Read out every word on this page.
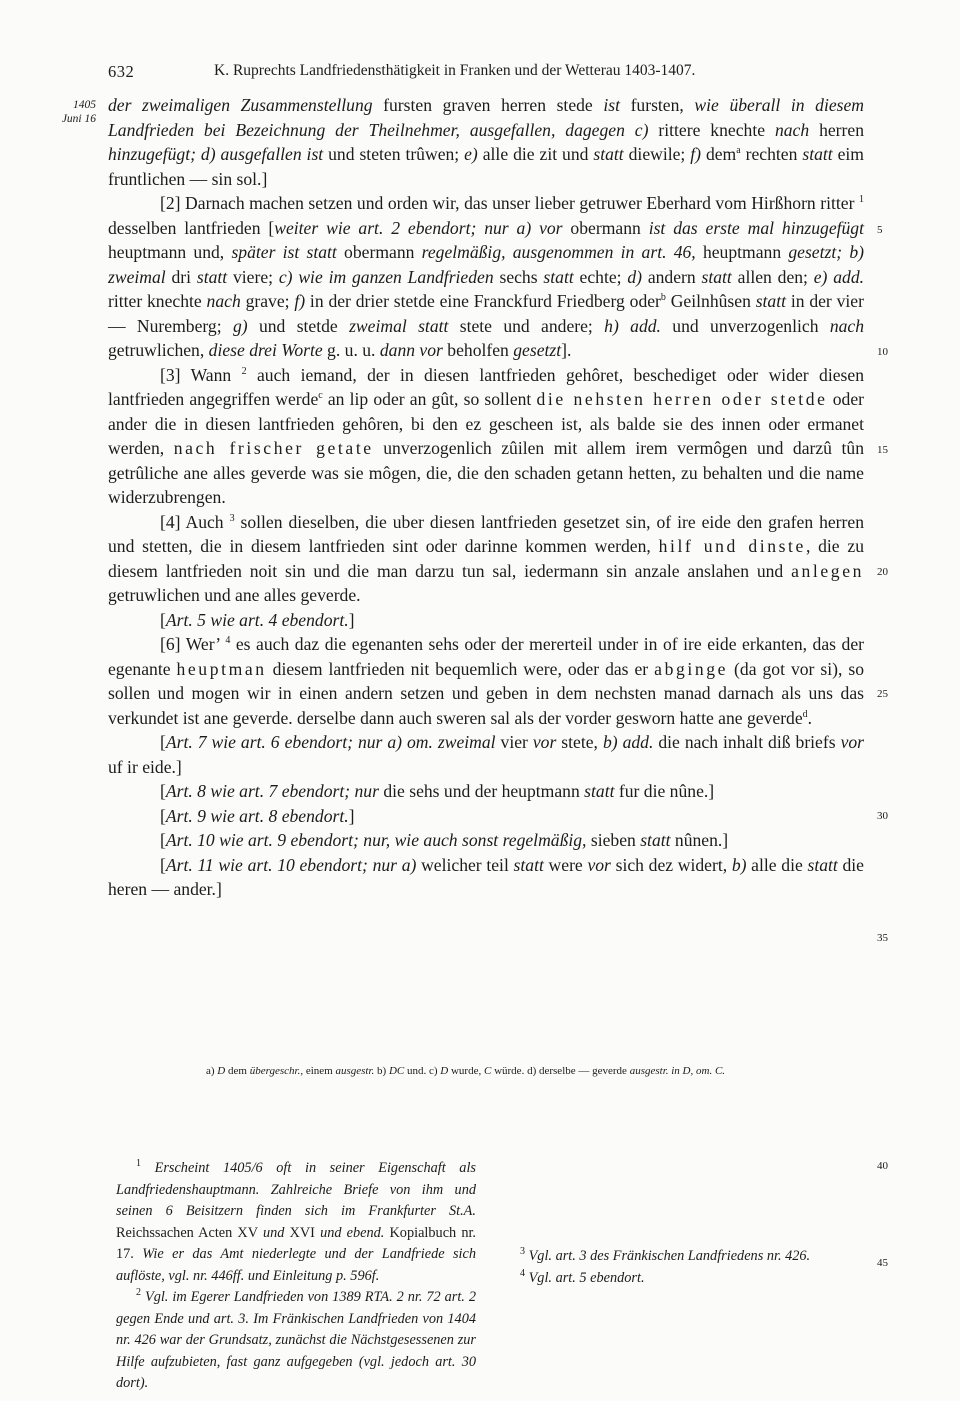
632	K. Ruprechts Landfriedensthätigkeit in Franken und der Wetterau 1403-1407.
1405
Juni 16

der zweimaligen Zusammenstellung fursten graven herren stede ist fursten, wie überall in diesem Landfrieden bei Bezeichnung der Theilnehmer, ausgefallen, dagegen c) rittere knechte nach herren hinzugefügt; d) ausgefallen ist und steten trûwen; e) alle die zit und statt diewile; f) dem$^a$ rechten statt eim fruntlichen — sin sol.]

[2] Darnach machen setzen und orden wir, das unser lieber getruwer Eberhard vom Hirßhorn ritter $^1$ desselben lantfrieden [weiter wie art. 2 ebendort; nur a) vor obermann ist das erste mal hinzugefügt heuptmann und, später ist statt obermann regelmäßig, ausgenommen in art. 46, heuptmann gesetzt; b) zweimal dri statt viere; c) wie im ganzen Landfrieden sechs statt echte; d) andern statt allen den; e) add. ritter knechte nach grave; f) in der drier stetde eine Franckfurd Friedberg oder$^b$ Geilnhûsen statt in der vier — Nuremberg; g) und stetde zweimal statt stete und andere; h) add. und unverzogenlich nach getruwlichen, diese drei Worte g. u. u. dann vor beholfen gesetzt].

[3] Wann $^2$ auch iemand, der in diesen lantfrieden gehôret, beschediget oder wider diesen lantfrieden angegriffen werde$^c$ an lip oder an gût, so sollent die nehsten herren oder stetde oder ander die in diesen lantfrieden gehôren, bi den ez gescheen ist, als balde sie des innen oder ermanet werden, nach frischer getate unverzogenlich zûilen mit allem irem vermôgen und darzû tûn getrûliche ane alles geverde was sie môgen, die, die den schaden getann hetten, zu behalten und die name widerzubrengen.

[4] Auch $^3$ sollen dieselben, die uber diesen lantfrieden gesetzet sin, of ire eide den grafen herren und stetten, die in diesem lantfrieden sint oder darinne kommen werden, hilf und dinste, die zu diesem lantfrieden noit sin und die man darzu tun sal, iedermann sin anzale anslahen und anlegen getruwlichen und ane alles geverde.

[Art. 5 wie art. 4 ebendort.]

[6] Wer’ $^4$ es auch daz die egenanten sehs oder der mererteil under in of ire eide erkanten, das der egenante heuptman diesem lantfrieden nit bequemlich were, oder das er abginge (da got vor si), so sollen und mogen wir in einen andern setzen und geben in dem nechsten manad darnach als uns das verkundet ist ane geverde. derselbe dann auch sweren sal als der vorder gesworn hatte ane geverde$^d$.

[Art. 7 wie art. 6 ebendort; nur a) om. zweimal vier vor stete, b) add. die nach inhalt diß briefs vor uf ir eide.]

[Art. 8 wie art. 7 ebendort; nur die sehs und der heuptmann statt fur die nûne.]

[Art. 9 wie art. 8 ebendort.]

[Art. 10 wie art. 9 ebendort; nur, wie auch sonst regelmäßig, sieben statt nûnen.]

[Art. 11 wie art. 10 ebendort; nur a) welicher teil statt were vor sich dez widert, b) alle die statt die heren — ander.]

5
10
15
20
25
30
35
40
45
a) D dem übergeschr., einem ausgestr. b) DC und. c) D wurde, C würde. d) derselbe — geverde ausgestr. in D, om. C.

$^1$ Erscheint 1405/6 oft in seiner Eigenschaft als Landfriedenshauptmann. Zahlreiche Briefe von ihm und seinen 6 Beisitzern finden sich im Frankfurter St.A. Reichssachen Acten XV und XVI und ebend. Kopialbuch nr. 17. Wie er das Amt niederlegte und der Landfriede sich auflöste, vgl. nr. 446ff. und Einleitung p. 596f.

$^2$ Vgl. im Egerer Landfrieden von 1389 RTA. 2 nr. 72 art. 2 gegen Ende und art. 3. Im Fränkischen Landfrieden von 1404 nr. 426 war der Grundsatz, zunächst die Nächstgesessenen zur Hilfe aufzubieten, fast ganz aufgegeben (vgl. jedoch art. 30 dort).

$^3$ Vgl. art. 3 des Fränkischen Landfriedens nr. 426.

$^4$ Vgl. art. 5 ebendort.
